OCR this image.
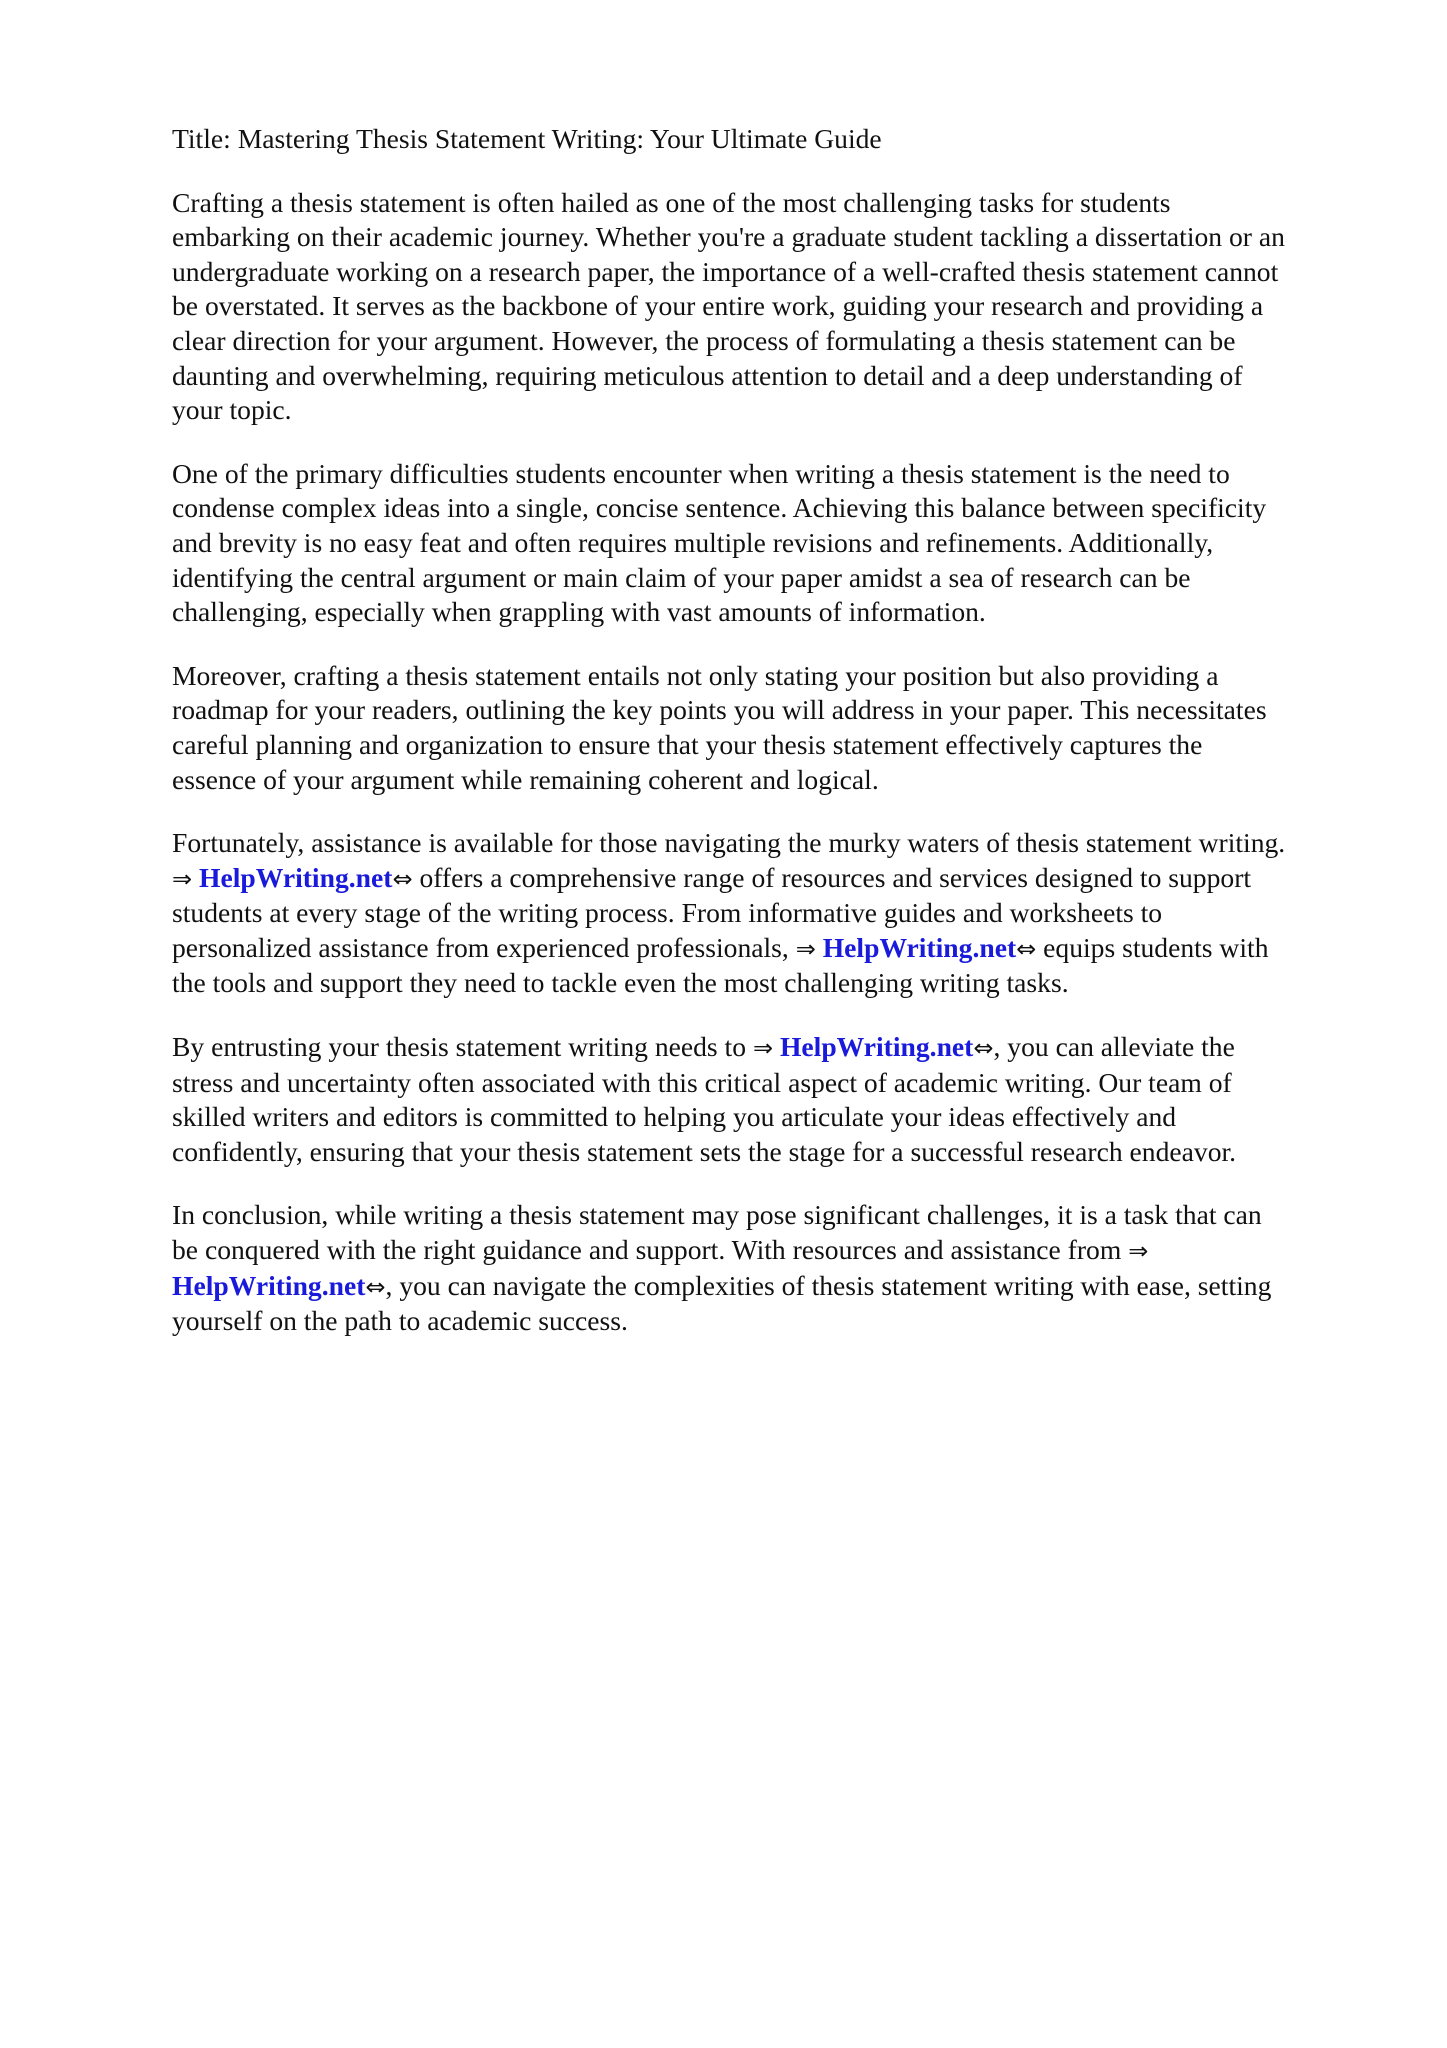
Title: Mastering Thesis Statement Writing: Your Ultimate Guide
Crafting a thesis statement is often hailed as one of the most challenging tasks for students
embarking on their academic journey. Whether you're a graduate student tackling a dissertation or an
undergraduate working on a research paper, the importance of a well-crafted thesis statement cannot
be overstated. It serves as the backbone of your entire work, guiding your research and providing a
clear direction for your argument. However, the process of formulating a thesis statement can be
daunting and overwhelming, requiring meticulous attention to detail and a deep understanding of
your topic.
One of the primary difficulties students encounter when writing a thesis statement is the need to
condense complex ideas into a single, concise sentence. Achieving this balance between specificity
and brevity is no easy feat and often requires multiple revisions and refinements. Additionally,
identifying the central argument or main claim of your paper amidst a sea of research can be
challenging, especially when grappling with vast amounts of information.
Moreover, crafting a thesis statement entails not only stating your position but also providing a
roadmap for your readers, outlining the key points you will address in your paper. This necessitates
careful planning and organization to ensure that your thesis statement effectively captures the
essence of your argument while remaining coherent and logical.
Fortunately, assistance is available for those navigating the murky waters of thesis statement writing.
⇒ HelpWriting.net⇔ offers a comprehensive range of resources and services designed to support
students at every stage of the writing process. From informative guides and worksheets to
personalized assistance from experienced professionals, ⇒ HelpWriting.net⇔ equips students with
the tools and support they need to tackle even the most challenging writing tasks.
By entrusting your thesis statement writing needs to ⇒ HelpWriting.net⇔, you can alleviate the
stress and uncertainty often associated with this critical aspect of academic writing. Our team of
skilled writers and editors is committed to helping you articulate your ideas effectively and
confidently, ensuring that your thesis statement sets the stage for a successful research endeavor.
In conclusion, while writing a thesis statement may pose significant challenges, it is a task that can
be conquered with the right guidance and support. With resources and assistance from ⇒
HelpWriting.net⇔, you can navigate the complexities of thesis statement writing with ease, setting
yourself on the path to academic success.
